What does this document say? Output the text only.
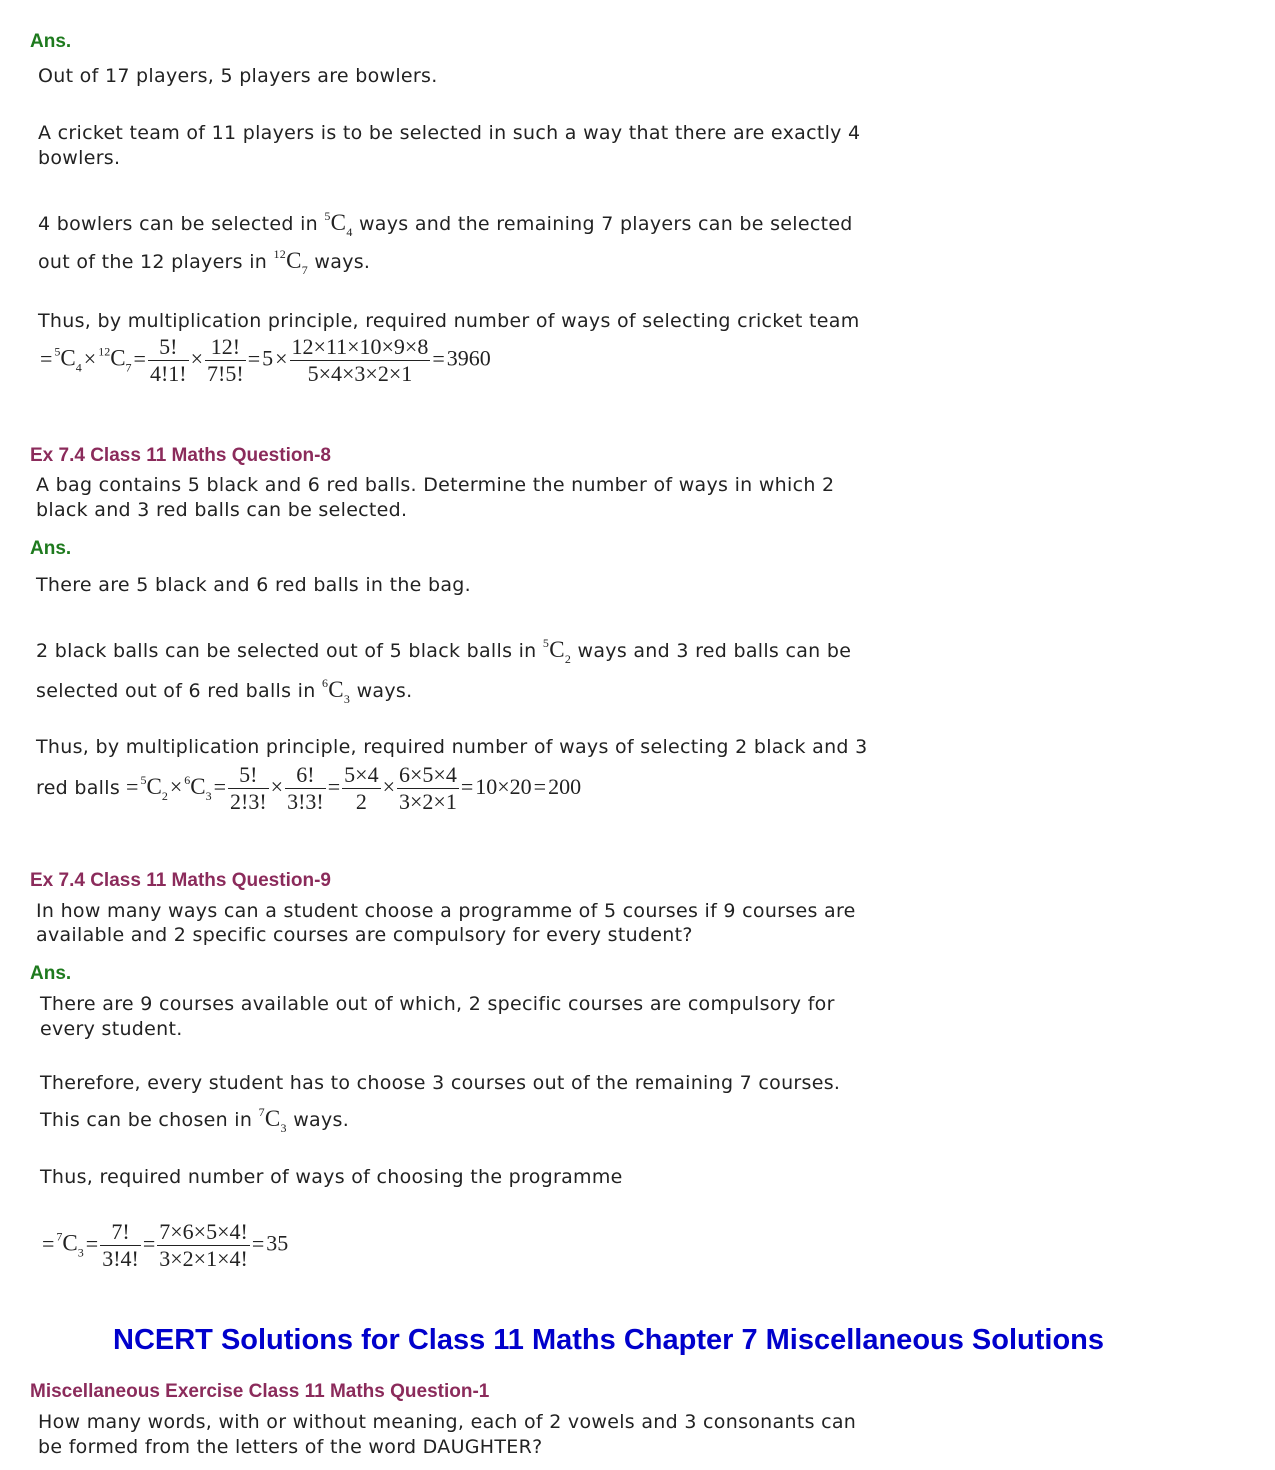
Ans.
Out of 17 players, 5 players are bowlers.
A cricket team of 11 players is to be selected in such a way that there are exactly 4
bowlers.
4 bowlers can be selected in $^5C_4$ ways and the remaining 7 players can be selected
out of the 12 players in $^{12}C_7$ ways.
Thus, by multiplication principle, required number of ways of selecting cricket team
= $^5C_4\times ^{12}C_7= \frac{5!}{4!1!} \times \frac{12!}{7!5!} =5\times \frac{12\times 11\times 10\times 9\times 8}{5\times 4\times 3\times 2\times 1} =3960$
Ex 7.4 Class 11 Maths Question-8
A bag contains 5 black and 6 red balls. Determine the number of ways in which 2
black and 3 red balls can be selected.
Ans.
There are 5 black and 6 red balls in the bag.
2 black balls can be selected out of 5 black balls in $^5C_2$ ways and 3 red balls can be
selected out of 6 red balls in $^6C_3$ ways.
Thus, by multiplication principle, required number of ways of selecting 2 black and 3
red balls = $^5C_2\times ^6C_3= \frac{5!}{2!3!} \times \frac{6!}{3!3!} = \frac{5\times 4}{2} \times \frac{6\times 5\times 4}{3\times 2\times 1} =10\times 20=200$
Ex 7.4 Class 11 Maths Question-9
In how many ways can a student choose a programme of 5 courses if 9 courses are
available and 2 specific courses are compulsory for every student?
Ans.
There are 9 courses available out of which, 2 specific courses are compulsory for
every student.
Therefore, every student has to choose 3 courses out of the remaining 7 courses.
This can be chosen in $^7C_3$ ways.
Thus, required number of ways of choosing the programme
= $^7C_3= \frac{7!}{3!4!} = \frac{7\times 6\times 5\times 4!}{3\times 2\times 1\times 4!} =35$
NCERT Solutions for Class 11 Maths Chapter 7 Miscellaneous Solutions
Miscellaneous Exercise Class 11 Maths Question-1
How many words, with or without meaning, each of 2 vowels and 3 consonants can
be formed from the letters of the word DAUGHTER?
